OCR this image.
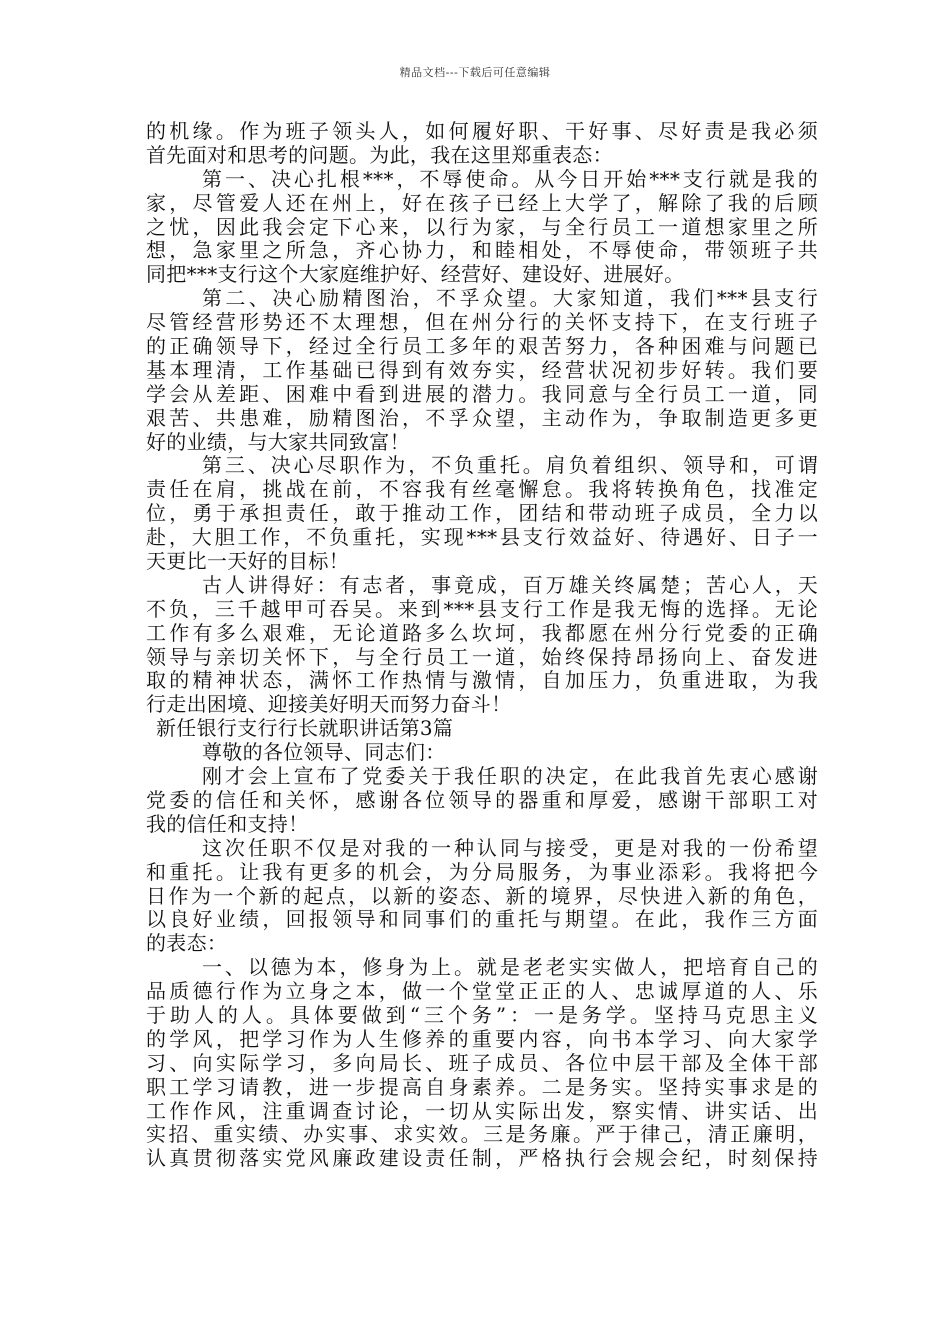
精品文档---下载后可任意编辑
的机缘。作为班子领头人，如何履好职、干好事、尽好责是我必须
首先面对和思考的问题。为此，我在这里郑重表态：
第一、决心扎根***，不辱使命。从今日开始***支行就是我的
家，尽管爱人还在州上，好在孩子已经上大学了，解除了我的后顾
之忧，因此我会定下心来，以行为家，与全行员工一道想家里之所
想，急家里之所急，齐心协力，和睦相处，不辱使命，带领班子共
同把***支行这个大家庭维护好、经营好、建设好、进展好。
第二、决心励精图治，不孚众望。大家知道，我们***县支行
尽管经营形势还不太理想，但在州分行的关怀支持下，在支行班子
的正确领导下，经过全行员工多年的艰苦努力，各种困难与问题已
基本理清，工作基础已得到有效夯实，经营状况初步好转。我们要
学会从差距、困难中看到进展的潜力。我同意与全行员工一道，同
艰苦、共患难，励精图治，不孚众望，主动作为，争取制造更多更
好的业绩，与大家共同致富！
第三、决心尽职作为，不负重托。肩负着组织、领导和，可谓
责任在肩，挑战在前，不容我有丝毫懈怠。我将转换角色，找准定
位，勇于承担责任，敢于推动工作，团结和带动班子成员，全力以
赴，大胆工作，不负重托，实现***县支行效益好、待遇好、日子一
天更比一天好的目标！
古人讲得好：有志者，事竟成，百万雄关终属楚；苦心人，天
不负，三千越甲可吞吴。来到***县支行工作是我无悔的选择。无论
工作有多么艰难，无论道路多么坎坷，我都愿在州分行党委的正确
领导与亲切关怀下，与全行员工一道，始终保持昂扬向上、奋发进
取的精神状态，满怀工作热情与激情，自加压力，负重进取，为我
行走出困境、迎接美好明天而努力奋斗！
新任银行支行行长就职讲话第3篇
尊敬的各位领导、同志们：
刚才会上宣布了党委关于我任职的决定，在此我首先衷心感谢
党委的信任和关怀，感谢各位领导的器重和厚爱，感谢干部职工对
我的信任和支持！
这次任职不仅是对我的一种认同与接受，更是对我的一份希望
和重托。让我有更多的机会，为分局服务，为事业添彩。我将把今
日作为一个新的起点，以新的姿态、新的境界，尽快进入新的角色，
以良好业绩，回报领导和同事们的重托与期望。在此，我作三方面
的表态：
一、以德为本，修身为上。就是老老实实做人，把培育自己的
品质德行作为立身之本，做一个堂堂正正的人、忠诚厚道的人、乐
于助人的人。具体要做到“三个务”：一是务学。坚持马克思主义
的学风，把学习作为人生修养的重要内容，向书本学习、向大家学
习、向实际学习，多向局长、班子成员、各位中层干部及全体干部
职工学习请教，进一步提高自身素养。二是务实。坚持实事求是的
工作作风，注重调查讨论，一切从实际出发，察实情、讲实话、出
实招、重实绩、办实事、求实效。三是务廉。严于律己，清正廉明，
认真贯彻落实党风廉政建设责任制，严格执行会规会纪，时刻保持
